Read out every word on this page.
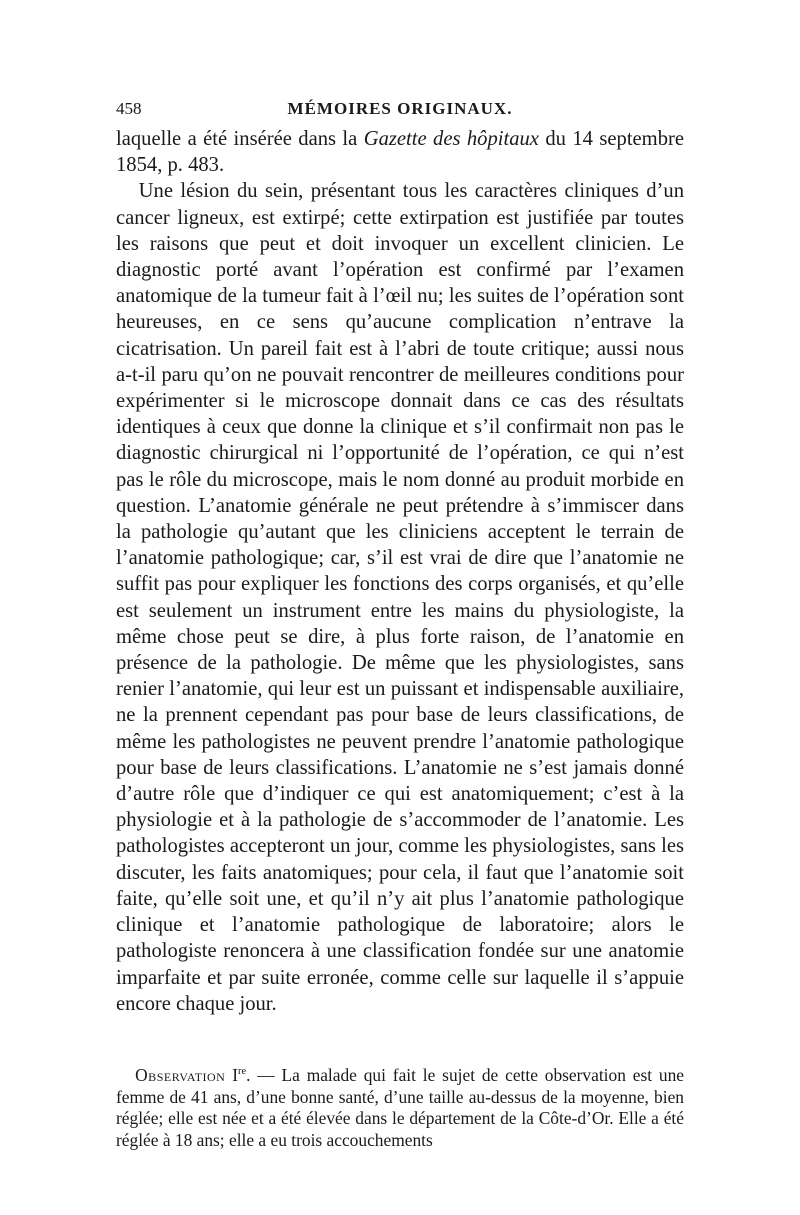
458	MÉMOIRES ORIGINAUX.

laquelle a été insérée dans la Gazette des hôpitaux du 14 septembre 1854, p. 483.

Une lésion du sein, présentant tous les caractères cliniques d’un cancer ligneux, est extirpé; cette extirpation est justifiée par toutes les raisons que peut et doit invoquer un excellent clinicien. Le diagnostic porté avant l’opération est confirmé par l’examen anatomique de la tumeur fait à l’œil nu; les suites de l’opération sont heureuses, en ce sens qu’aucune complication n’entrave la cicatrisation. Un pareil fait est à l’abri de toute critique; aussi nous a-t-il paru qu’on ne pouvait rencontrer de meilleures conditions pour expérimenter si le microscope donnait dans ce cas des résultats identiques à ceux que donne la clinique et s’il confirmait non pas le diagnostic chirurgical ni l’opportunité de l’opération, ce qui n’est pas le rôle du microscope, mais le nom donné au produit morbide en question. L’anatomie générale ne peut prétendre à s’immiscer dans la pathologie qu’autant que les cliniciens acceptent le terrain de l’anatomie pathologique; car, s’il est vrai de dire que l’anatomie ne suffit pas pour expliquer les fonctions des corps organisés, et qu’elle est seulement un instrument entre les mains du physiologiste, la même chose peut se dire, à plus forte raison, de l’anatomie en présence de la pathologie. De même que les physiologistes, sans renier l’anatomie, qui leur est un puissant et indispensable auxiliaire, ne la prennent cependant pas pour base de leurs classifications, de même les pathologistes ne peuvent prendre l’anatomie pathologique pour base de leurs classifications. L’anatomie ne s’est jamais donné d’autre rôle que d’indiquer ce qui est anatomiquement; c’est à la physiologie et à la pathologie de s’accommoder de l’anatomie. Les pathologistes accepteront un jour, comme les physiologistes, sans les discuter, les faits anatomiques; pour cela, il faut que l’anatomie soit faite, qu’elle soit une, et qu’il n’y ait plus l’anatomie pathologique clinique et l’anatomie pathologique de laboratoire; alors le pathologiste renoncera à une classification fondée sur une anatomie imparfaite et par suite erronée, comme celle sur laquelle il s’appuie encore chaque jour.

Observation Ire. — La malade qui fait le sujet de cette observation est une femme de 41 ans, d’une bonne santé, d’une taille au-dessus de la moyenne, bien réglée; elle est née et a été élevée dans le département de la Côte-d’Or. Elle a été réglée à 18 ans; elle a eu trois accouchements
